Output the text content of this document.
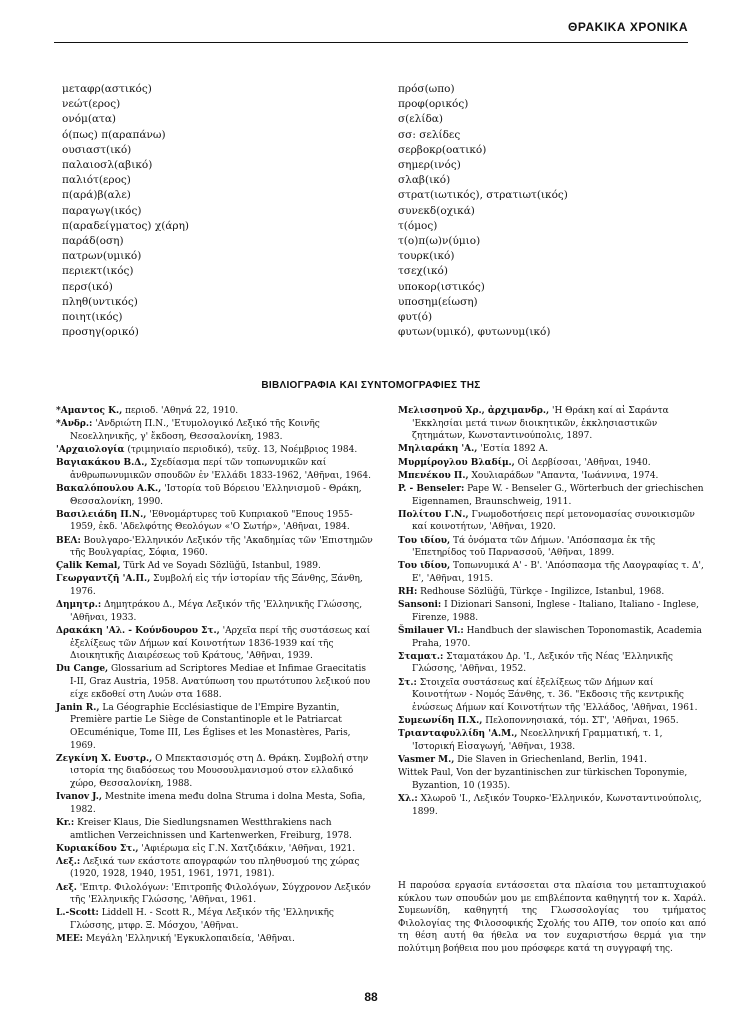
ΘΡΑΚΙΚΑ ΧΡΟΝΙΚΑ
μεταφρ(αστικός)
νεώτ(ερος)
ονόμ(ατα)
ό(πως) π(αραπάνω)
ουσιαστ(ικό)
παλαιοσλ(αβικό)
παλιότ(ερος)
π(αρά)β(αλε)
παραγωγ(ικός)
π(αραδείγματος) χ(άρη)
παράδ(οση)
πατρων(υμικό)
περιεκτ(ικός)
περσ(ικό)
πληθ(υντικός)
ποιητ(ικός)
προσηγ(ορικό)
πρόσ(ωπο)
προφ(ορικός)
σ(ελίδα)
σσ: σελίδες
σερβοκρ(οατικό)
σημερ(ινός)
σλαβ(ικό)
στρατ(ιωτικός), στρατιωτ(ικός)
συνεκδ(οχικά)
τ(όμος)
τ(ο)π(ω)ν(ύμιο)
τουρκ(ικό)
τσεχ(ικό)
υποκορ(ιστικός)
υποσημ(είωση)
φυτ(ό)
φυτων(υμικό), φυτωνυμ(ικό)
ΒΙΒΛΙΟΓΡΑΦΙΑ ΚΑΙ ΣΥΝΤΟΜΟΓΡΑΦΙΕΣ ΤΗΣ
*Αμαντος Κ., περιοδ. 'Αθηνά 22, 1910.
*Ανδρ.: 'Ανδριώτη Π.Ν., 'Ετυμολογικό Λεξικό τῆς Κοινῆς Νεοελληνικῆς, γ' ἔκδοση, Θεσσαλονίκη, 1983.
'Αρχαιολογία (τριμηνιαίο περιοδικό), τεῦχ. 13, Νοέμβριος 1984.
Βαγιακάκου Β.Δ., Σχεδίασμα περί τῶν τοπωνυμικῶν καί ἀνθρωπωνυμικῶν σπουδῶν ἐν 'Ελλάδι 1833-1962, 'Αθῆναι, 1964.
Βακαλόπουλου Α.Κ., 'Ιστορία τοῦ Βόρειου 'Ελληνισμοῦ - Θράκη, Θεσσαλονίκη, 1990.
Βασιλειάδη Π.Ν., 'Εθνομάρτυρες τοῦ Κυπριακοῦ "Επους 1955-1959, ἐκδ. 'Αδελφότης Θεολόγων «'Ο Σωτήρ», 'Αθῆναι, 1984.
ΒΕΛ: Βουλγαρο-'Ελληνικόν Λεξικόν τῆς 'Ακαδημίας τῶν 'Επιστημῶν τῆς Βουλγαρίας, Σόφια, 1960.
Çalik Kemal, Türk Ad ve Soyadı Sözlüğü, Istanbul, 1989.
Γεωργαντζῆ 'Α.Π., Συμβολή εἰς τήν ἱστορίαν τῆς Ξάνθης, Ξάνθη, 1976.
Δημητρ.: Δημητράκου Δ., Μέγα Λεξικόν τῆς 'Ελληνικῆς Γλώσσης, 'Αθῆναι, 1933.
Δρακάκη 'Αλ. - Κούνδουρου Στ., 'Αρχεῖα περί τῆς συστάσεως καί ἐξελίξεως τῶν Δήμων καί Κοινοτήτων 1836-1939 καί τῆς Διοικητικῆς Διαιρέσεως τοῦ Κράτους, 'Αθῆναι, 1939.
Du Cange, Glossarium ad Scriptores Mediae et Infimae Graecitatis I-II, Graz Austria, 1958. Ανατύπωση του πρωτότυπου λεξικού που είχε εκδοθεί στη Λυών στα 1688.
Janin R., La Géographie Ecclésiastique de l'Empire Byzantin, Première partie Le Siège de Constantinople et le Patriarcat OEcuménique, Tome III, Les Églises et les Monastères, Paris, 1969.
Ζεγκίνη Χ. Ευστρ., Ο Μπεκτασισμός στη Δ. Θράκη. Συμβολή στην ιστορία της διαδόσεως του Μουσουλμανισμού στον ελλαδικό χώρο, Θεσσαλονίκη, 1988.
Ivanov J., Mestnite imena među dolna Struma i dolna Mesta, Sofia, 1982.
Kr.: Kreiser Klaus, Die Siedlungsnamen Westthrakiens nach amtlichen Verzeichnissen und Kartenwerken, Freiburg, 1978.
Κυριακίδου Στ., 'Αφιέρωμα εἰς Γ.Ν. Χατζιδάκιν, 'Αθῆναι, 1921.
Λεξ.: Λεξικά των εκάστοτε απογραφών του πληθυσμού της χώρας (1920, 1928, 1940, 1951, 1961, 1971, 1981).
Λεξ. 'Επιτρ. Φιλολόγων: 'Επιτροπῆς Φιλολόγων, Σύγχρονον Λεξικόν τῆς 'Ελληνικῆς Γλώσσης, 'Αθῆναι, 1961.
L.-Scott: Liddell H. - Scott R., Μέγα Λεξικόν τῆς 'Ελληνικῆς Γλώσσης, μτφρ. Ξ. Μόσχου, 'Αθῆναι.
ΜΕΕ: Μεγάλη 'Ελληνική 'Εγκυκλοπαιδεία, 'Αθῆναι.
Μελισσηνοῦ Χρ., ἀρχιμανδρ., 'Η Θράκη καί αἱ Σαράντα 'Εκκλησίαι μετά τινων διοικητικῶν, ἐκκλησιαστικῶν ζητημάτων, Κωνσταντινούπολις, 1897.
Μηλιαράκη 'Α., 'Εστία 1892 Α.
Μυρμίρογλου Βλαδίμ., Οἱ Δερβίσσαι, 'Αθῆναι, 1940.
Μπενέκου Π., Χουλιαράδων "Απαντα, 'Ιωάννινα, 1974.
P. - Benseler: Pape W. - Benseler G., Wörterbuch der griechischen Eigennamen, Braunschweig, 1911.
Πολίτου Γ.Ν., Γνωμοδοτήσεις περί μετονομασίας συνοικισμῶν καί κοινοτήτων, 'Αθῆναι, 1920.
Του ιδίου, Τά ὀνόματα τῶν Δήμων. 'Απόσπασμα ἐκ τῆς 'Επετηρίδος τοῦ Παρνασσοῦ, 'Αθῆναι, 1899.
Του ιδίου, Τοπωνυμικά Α' - Β'. 'Απόσπασμα τῆς Λαογραφίας τ. Δ', Ε', 'Αθῆναι, 1915.
RH: Redhouse Sözlüğü, Türkçe - Ingilizce, Istanbul, 1968.
Sansoni: I Dizionari Sansoni, Inglese - Italiano, Italiano - Inglese, Firenze, 1988.
Šmilauer Vl.: Handbuch der slawischen Toponomastik, Academia Praha, 1970.
Σταματ.: Σταματάκου Δρ. 'Ι., Λεξικόν τῆς Νέας 'Ελληνικῆς Γλώσσης, 'Αθῆναι, 1952.
Στ.: Στοιχεῖα συστάσεως καί ἐξελίξεως τῶν Δήμων καί Κοινοτήτων - Νομός Ξάνθης, τ. 36. "Εκδοσις τῆς κεντρικῆς ἑνώσεως Δήμων καί Κοινοτήτων τῆς 'Ελλάδος, 'Αθῆναι, 1961.
Συμεωνίδη Π.Χ., Πελοποννησιακά, τόμ. ΣΤ', 'Αθῆναι, 1965.
Τριανταφυλλίδη 'Α.Μ., Νεοελληνική Γραμματική, τ. 1, 'Ιστορική Εἰσαγωγή, 'Αθῆναι, 1938.
Vasmer M., Die Slaven in Griechenland, Berlin, 1941.
Wittek Paul, Von der byzantinischen zur türkischen Toponymie, Byzantion, 10 (1935).
Χλ.: Χλωροῦ 'Ι., Λεξικόν Τουρκο-'Ελληνικόν, Κωνσταντινούπολις, 1899.
Η παρούσα εργασία εντάσσεται στα πλαίσια του μεταπτυχιακού κύκλου των σπουδών μου με επιβλέποντα καθηγητή τον κ. Χαράλ. Συμεωνίδη, καθηγητή της Γλωσσολογίας του τμήματος Φιλολογίας της Φιλοσοφικής Σχολής του ΑΠΘ, τον οποίο και από τη θέση αυτή θα ήθελα να τον ευχαριστήσω θερμά για την πολύτιμη βοήθεια που μου πρόσφερε κατά τη συγγραφή της.
88
